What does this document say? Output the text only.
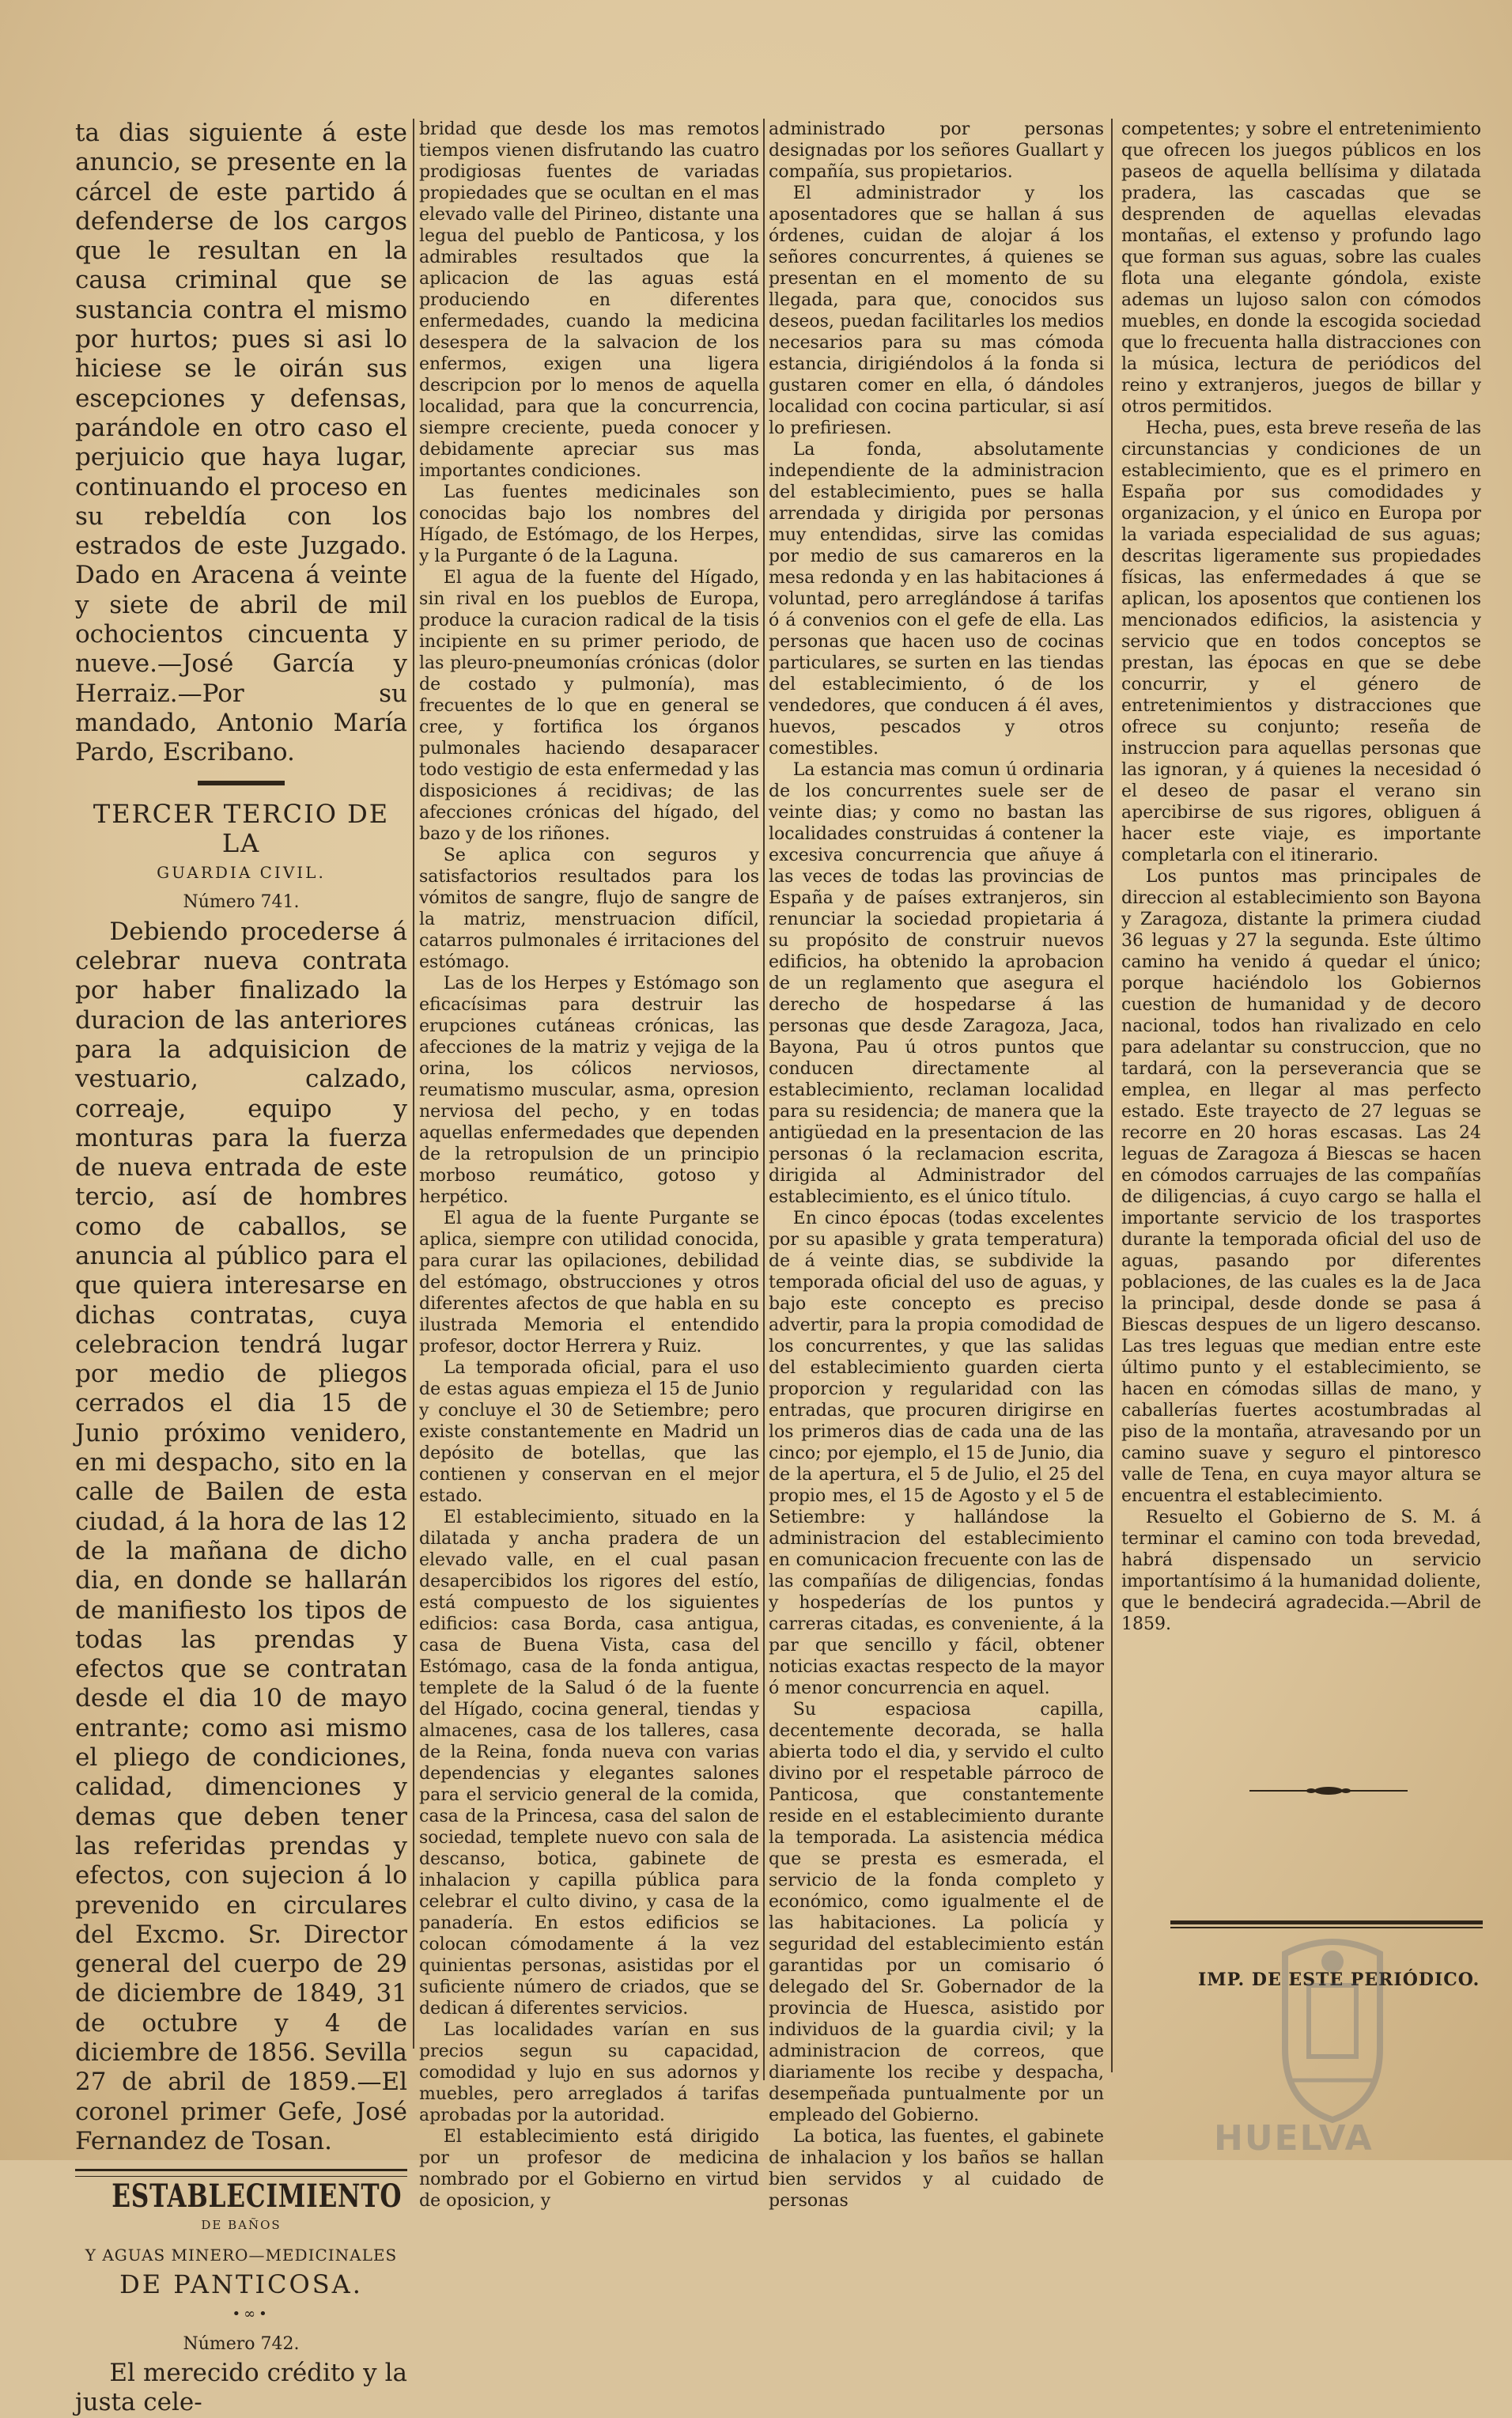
ta dias siguiente á este anuncio, se presente en la cárcel de este partido á defenderse de los cargos que le resultan en la causa criminal que se sustancia contra el mismo por hurtos; pues si asi lo hiciese se le oirán sus escepciones y defensas, parándole en otro caso el perjuicio que haya lugar, continuando el proceso en su rebeldía con los estrados de este Juzgado. Dado en Aracena á veinte y siete de abril de mil ochocientos cincuenta y nueve.—José García y Herraiz.—Por su mandado, Antonio María Pardo, Escribano.

TERCER TERCIO DE LA

GUARDIA CIVIL.

Número 741.

Debiendo procederse á celebrar nueva contrata por haber finalizado la duracion de las anteriores para la adquisicion de vestuario, calzado, correaje, equipo y monturas para la fuerza de nueva entrada de este tercio, así de hombres como de caballos, se anuncia al público para el que quiera interesarse en dichas contratas, cuya celebracion tendrá lugar por medio de pliegos cerrados el dia 15 de Junio próximo venidero, en mi despacho, sito en la calle de Bailen de esta ciudad, á la hora de las 12 de la mañana de dicho dia, en donde se hallarán de manifiesto los tipos de todas las prendas y efectos que se contratan desde el dia 10 de mayo entrante; como asi mismo el pliego de condiciones, calidad, dimenciones y demas que deben tener las referidas prendas y efectos, con sujecion á lo prevenido en circulares del Excmo. Sr. Director general del cuerpo de 29 de diciembre de 1849, 31 de octubre y 4 de diciembre de 1856. Sevilla 27 de abril de 1859.—El coronel primer Gefe, José Fernandez de Tosan.

ESTABLECIMIENTO

DE BAÑOS

Y AGUAS MINERO—MEDICINALES

DE PANTICOSA.

•∞•

Número 742.

El merecido crédito y la justa cele-

bridad que desde los mas remotos tiempos vienen disfrutando las cuatro prodigiosas fuentes de variadas propiedades que se ocultan en el mas elevado valle del Pirineo, distante una legua del pueblo de Panticosa, y los admirables resultados que la aplicacion de las aguas está produciendo en diferentes enfermedades, cuando la medicina desespera de la salvacion de los enfermos, exigen una ligera descripcion por lo menos de aquella localidad, para que la concurrencia, siempre creciente, pueda conocer y debidamente apreciar sus mas importantes condiciones.

Las fuentes medicinales son conocidas bajo los nombres del Hígado, de Estómago, de los Herpes, y la Purgante ó de la Laguna.

El agua de la fuente del Hígado, sin rival en los pueblos de Europa, produce la curacion radical de la tisis incipiente en su primer periodo, de las pleuro-pneumonías crónicas (dolor de costado y pulmonía), mas frecuentes de lo que en general se cree, y fortifica los órganos pulmonales haciendo desaparacer todo vestigio de esta enfermedad y las disposiciones á recidivas; de las afecciones crónicas del hígado, del bazo y de los riñones.

Se aplica con seguros y satisfactorios resultados para los vómitos de sangre, flujo de sangre de la matriz, menstruacion difícil, catarros pulmonales é irritaciones del estómago.

Las de los Herpes y Estómago son eficacísimas para destruir las erupciones cutáneas crónicas, las afecciones de la matriz y vejiga de la orina, los cólicos nerviosos, reumatismo muscular, asma, opresion nerviosa del pecho, y en todas aquellas enfermedades que dependen de la retropulsion de un principio morboso reumático, gotoso y herpético.

El agua de la fuente Purgante se aplica, siempre con utilidad conocida, para curar las opilaciones, debilidad del estómago, obstrucciones y otros diferentes afectos de que habla en su ilustrada Memoria el entendido profesor, doctor Herrera y Ruiz.

La temporada oficial, para el uso de estas aguas empieza el 15 de Junio y concluye el 30 de Setiembre; pero existe constantemente en Madrid un depósito de botellas, que las contienen y conservan en el mejor estado.

El establecimiento, situado en la dilatada y ancha pradera de un elevado valle, en el cual pasan desapercibidos los rigores del estío, está compuesto de los siguientes edificios: casa Borda, casa antigua, casa de Buena Vista, casa del Estómago, casa de la fonda antigua, templete de la Salud ó de la fuente del Hígado, cocina general, tiendas y almacenes, casa de los talleres, casa de la Reina, fonda nueva con varias dependencias y elegantes salones para el servicio general de la comida, casa de la Princesa, casa del salon de sociedad, templete nuevo con sala de descanso, botica, gabinete de inhalacion y capilla pública para celebrar el culto divino, y casa de la panadería. En estos edificios se colocan cómodamente á la vez quinientas personas, asistidas por el suficiente número de criados, que se dedican á diferentes servicios.

Las localidades varían en sus precios segun su capacidad, comodidad y lujo en sus adornos y muebles, pero arreglados á tarifas aprobadas por la autoridad.

El establecimiento está dirigido por un profesor de medicina nombrado por el Gobierno en virtud de oposicion, y

administrado por personas designadas por los señores Guallart y compañía, sus propietarios.

El administrador y los aposentadores que se hallan á sus órdenes, cuidan de alojar á los señores concurrentes, á quienes se presentan en el momento de su llegada, para que, conocidos sus deseos, puedan facilitarles los medios necesarios para su mas cómoda estancia, dirigiéndolos á la fonda si gustaren comer en ella, ó dándoles localidad con cocina particular, si así lo prefiriesen.

La fonda, absolutamente independiente de la administracion del establecimiento, pues se halla arrendada y dirigida por personas muy entendidas, sirve las comidas por medio de sus camareros en la mesa redonda y en las habitaciones á voluntad, pero arreglándose á tarifas ó á convenios con el gefe de ella. Las personas que hacen uso de cocinas particulares, se surten en las tiendas del establecimiento, ó de los vendedores, que conducen á él aves, huevos, pescados y otros comestibles.

La estancia mas comun ú ordinaria de los concurrentes suele ser de veinte dias; y como no bastan las localidades construidas á contener la excesiva concurrencia que añuye á las veces de todas las provincias de España y de países extranjeros, sin renunciar la sociedad propietaria á su propósito de construir nuevos edificios, ha obtenido la aprobacion de un reglamento que asegura el derecho de hospedarse á las personas que desde Zaragoza, Jaca, Bayona, Pau ú otros puntos que conducen directamente al establecimiento, reclaman localidad para su residencia; de manera que la antigüedad en la presentacion de las personas ó la reclamacion escrita, dirigida al Administrador del establecimiento, es el único título.

En cinco épocas (todas excelentes por su apasible y grata temperatura) de á veinte dias, se subdivide la temporada oficial del uso de aguas, y bajo este concepto es preciso advertir, para la propia comodidad de los concurrentes, y que las salidas del establecimiento guarden cierta proporcion y regularidad con las entradas, que procuren dirigirse en los primeros dias de cada una de las cinco; por ejemplo, el 15 de Junio, dia de la apertura, el 5 de Julio, el 25 del propio mes, el 15 de Agosto y el 5 de Setiembre: y hallándose la administracion del establecimiento en comunicacion frecuente con las de las compañías de diligencias, fondas y hospederías de los puntos y carreras citadas, es conveniente, á la par que sencillo y fácil, obtener noticias exactas respecto de la mayor ó menor concurrencia en aquel.

Su espaciosa capilla, decentemente decorada, se halla abierta todo el dia, y servido el culto divino por el respetable párroco de Panticosa, que constantemente reside en el establecimiento durante la temporada. La asistencia médica que se presta es esmerada, el servicio de la fonda completo y económico, como igualmente el de las habitaciones. La policía y seguridad del establecimiento están garantidas por un comisario ó delegado del Sr. Gobernador de la provincia de Huesca, asistido por individuos de la guardia civil; y la administracion de correos, que diariamente los recibe y despacha, desempeñada puntualmente por un empleado del Gobierno.

La botica, las fuentes, el gabinete de inhalacion y los baños se hallan bien servidos y al cuidado de personas

competentes; y sobre el entretenimiento que ofrecen los juegos públicos en los paseos de aquella bellísima y dilatada pradera, las cascadas que se desprenden de aquellas elevadas montañas, el extenso y profundo lago que forman sus aguas, sobre las cuales flota una elegante góndola, existe ademas un lujoso salon con cómodos muebles, en donde la escogida sociedad que lo frecuenta halla distracciones con la música, lectura de periódicos del reino y extranjeros, juegos de billar y otros permitidos.

Hecha, pues, esta breve reseña de las circunstancias y condiciones de un establecimiento, que es el primero en España por sus comodidades y organizacion, y el único en Europa por la variada especialidad de sus aguas; descritas ligeramente sus propiedades físicas, las enfermedades á que se aplican, los aposentos que contienen los mencionados edificios, la asistencia y servicio que en todos conceptos se prestan, las épocas en que se debe concurrir, y el género de entretenimientos y distracciones que ofrece su conjunto; reseña de instruccion para aquellas personas que las ignoran, y á quienes la necesidad ó el deseo de pasar el verano sin apercibirse de sus rigores, obliguen á hacer este viaje, es importante completarla con el itinerario.

Los puntos mas principales de direccion al establecimiento son Bayona y Zaragoza, distante la primera ciudad 36 leguas y 27 la segunda. Este último camino ha venido á quedar el único; porque haciéndolo los Gobiernos cuestion de humanidad y de decoro nacional, todos han rivalizado en celo para adelantar su construccion, que no tardará, con la perseverancia que se emplea, en llegar al mas perfecto estado. Este trayecto de 27 leguas se recorre en 20 horas escasas. Las 24 leguas de Zaragoza á Biescas se hacen en cómodos carruajes de las compañías de diligencias, á cuyo cargo se halla el importante servicio de los trasportes durante la temporada oficial del uso de aguas, pasando por diferentes poblaciones, de las cuales es la de Jaca la principal, desde donde se pasa á Biescas despues de un ligero descanso. Las tres leguas que median entre este último punto y el establecimiento, se hacen en cómodas sillas de mano, y caballerías fuertes acostumbradas al piso de la montaña, atravesando por un camino suave y seguro el pintoresco valle de Tena, en cuya mayor altura se encuentra el establecimiento.

Resuelto el Gobierno de S. M. á terminar el camino con toda brevedad, habrá dispensado un servicio importantísimo á la humanidad doliente, que le bendecirá agradecida.—Abril de 1859.

IMP. DE ESTE PERIÓDICO.
HUELVA
